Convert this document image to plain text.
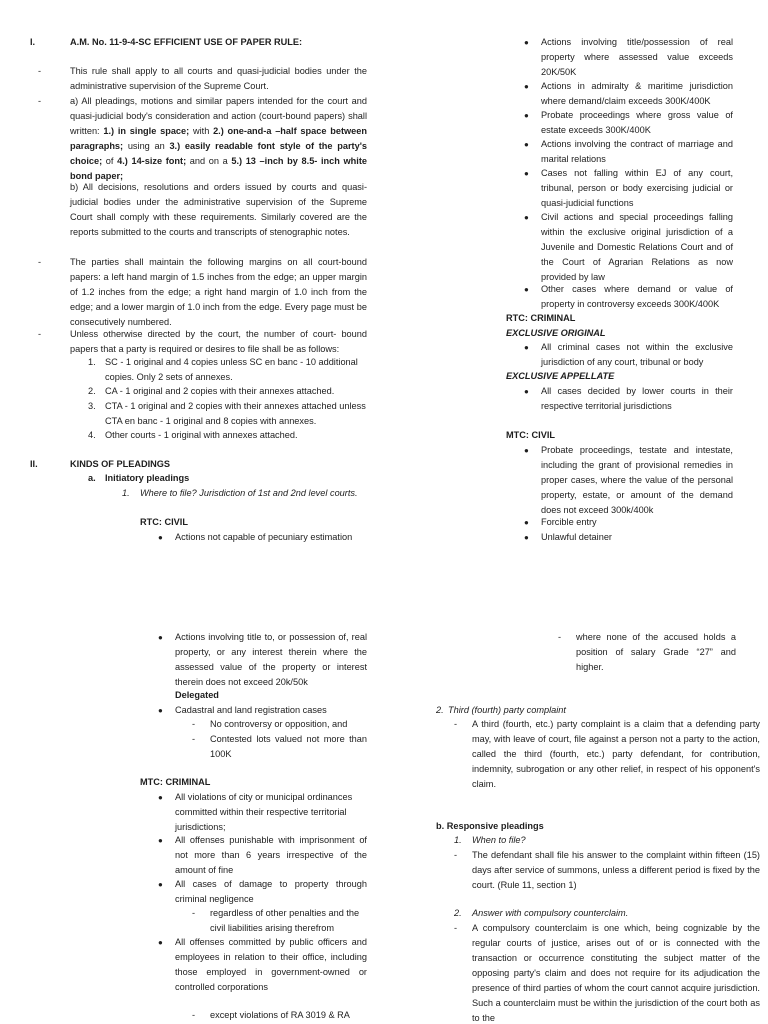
I.	A.M. No. 11-9-4-SC EFFICIENT USE OF PAPER RULE:
-	This rule shall apply to all courts and quasi-judicial bodies under the administrative supervision of the Supreme Court.

-	a) All pleadings, motions and similar papers intended for the court and quasi-judicial body's consideration and action (court-bound papers) shall written: 1.) in single space; with 2.) one-and-a –half space between paragraphs; using an 3.) easily readable font style of the party's choice; of 4.) 14-size font; and on a 5.) 13 –inch by 8.5- inch white bond paper;

b) All decisions, resolutions and orders issued by courts and quasi-judicial bodies under the administrative supervision of the Supreme Court shall comply with these requirements. Similarly covered are the reports submitted to the courts and transcripts of stenographic notes.

-	The parties shall maintain the following margins on all court-bound papers: a left hand margin of 1.5 inches from the edge; an upper margin of 1.2 inches from the edge; a right hand margin of 1.0 inch from the edge; and a lower margin of 1.0 inch from the edge. Every page must be consecutively numbered.

-	Unless otherwise directed by the court, the number of court- bound papers that a party is required or desires to file shall be as follows:

1. SC - 1 original and 4 copies unless SC en banc - 10 additional copies. Only 2 sets of annexes.

2. CA - 1 original and 2 copies with their annexes attached.

3. CTA - 1 original and 2 copies with their annexes attached unless CTA en banc - 1 original and 8 copies with annexes.

4. Other courts - 1 original with annexes attached.

II.	KINDS OF PLEADINGS
a. Initiatory pleadings
1. Where to file? Jurisdiction of 1st and 2nd level courts.

RTC: CIVIL
● Actions not capable of pecuniary estimation

● Actions involving title/possession of real property where assessed value exceeds 20K/50K

● Actions in admiralty & maritime jurisdiction where demand/claim exceeds 300K/400K

● Probate proceedings where gross value of estate exceeds 300K/400K

● Actions involving the contract of marriage and marital relations

● Cases not falling within EJ of any court, tribunal, person or body exercising judicial or quasi-judicial functions

● Civil actions and special proceedings falling within the exclusive original jurisdiction of a Juvenile and Domestic Relations Court and of the Court of Agrarian Relations as now provided by law

● Other cases where demand or value of property in controversy exceeds 300K/400K

RTC: CRIMINAL
EXCLUSIVE ORIGINAL
● All criminal cases not within the exclusive jurisdiction of any court, tribunal or body

EXCLUSIVE APPELLATE
● All cases decided by lower courts in their respective territorial jurisdictions

MTC: CIVIL
● Probate proceedings, testate and intestate, including the grant of provisional remedies in proper cases, where the value of the personal property, estate, or amount of the demand does not exceed 300k/400k

● Forcible entry

● Unlawful detainer

● Actions involving title to, or possession of, real property, or any interest therein where the assessed value of the property or interest therein does not exceed 20k/50k

Delegated
● Cadastral and land registration cases

- No controversy or opposition, and

- Contested lots valued not more than 100K

MTC: CRIMINAL
● All violations of city or municipal ordinances committed within their respective territorial jurisdictions;

● All offenses punishable with imprisonment of not more than 6 years irrespective of the amount of fine

● All cases of damage to property through criminal negligence

- regardless of other penalties and the civil liabilities arising therefrom

● All offenses committed by public officers and employees in relation to their office, including those employed in government-owned or controlled corporations

- except violations of RA 3019 & RA

- where none of the accused holds a position of salary Grade “27” and higher.

2. Third (fourth) party complaint
- A third (fourth, etc.) party complaint is a claim that a defending party may, with leave of court, file against a person not a party to the action, called the third (fourth, etc.) party defendant, for contribution, indemnity, subrogation or any other relief, in respect of his opponent's claim.

b. Responsive pleadings
1. When to file?
- The defendant shall file his answer to the complaint within fifteen (15) days after service of summons, unless a different period is fixed by the court. (Rule 11, section 1)

2. Answer with compulsory counterclaim.
- A compulsory counterclaim is one which, being cognizable by the regular courts of justice, arises out of or is connected with the transaction or occurrence constituting the subject matter of the opposing party's claim and does not require for its adjudication the presence of third parties of whom the court cannot acquire jurisdiction. Such a counterclaim must be within the jurisdiction of the court both as to the
